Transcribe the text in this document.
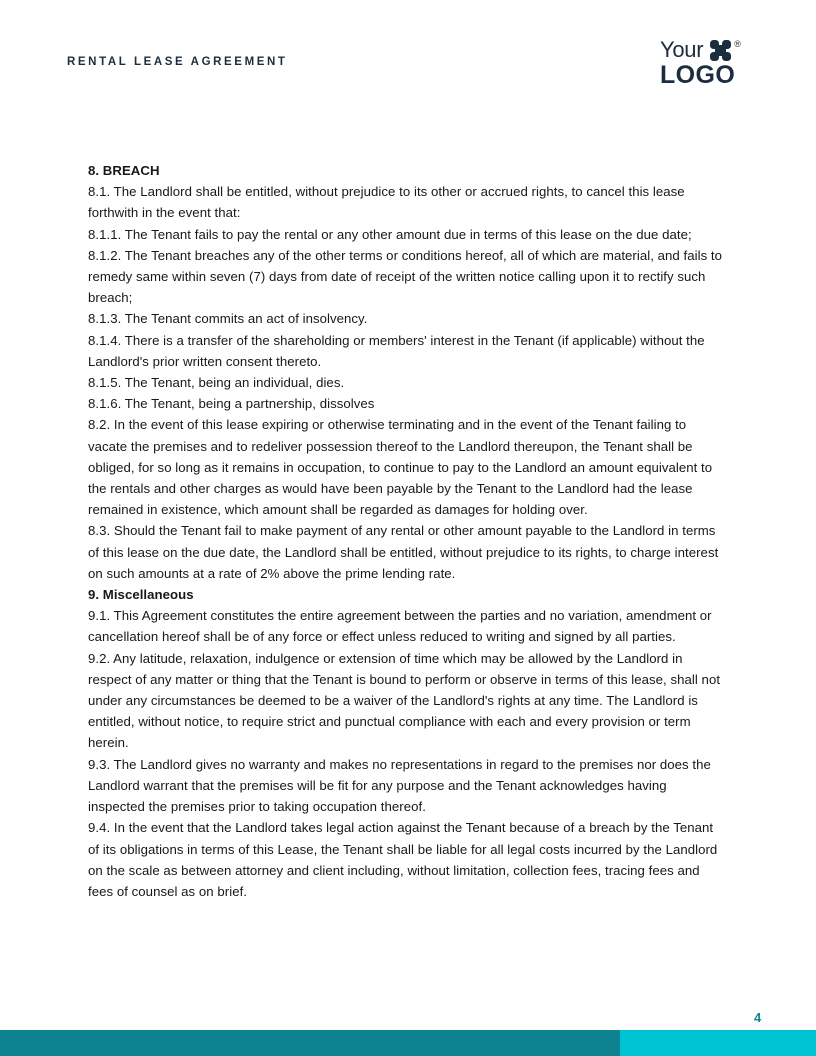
RENTAL LEASE AGREEMENT	Your	®
LOGO

8. BREACH

8.1. The Landlord shall be entitled, without prejudice to its other or accrued rights, to cancel this lease forthwith in the event that:

8.1.1. The Tenant fails to pay the rental or any other amount due in terms of this lease on the due date;

8.1.2. The Tenant breaches any of the other terms or conditions hereof, all of which are material, and fails to remedy same within seven (7) days from date of receipt of the written notice calling upon it to rectify such breach;

8.1.3. The Tenant commits an act of insolvency.

8.1.4. There is a transfer of the shareholding or members' interest in the Tenant (if applicable) without the Landlord's prior written consent thereto.

8.1.5. The Tenant, being an individual, dies.

8.1.6. The Tenant, being a partnership, dissolves

8.2. In the event of this lease expiring or otherwise terminating and in the event of the Tenant failing to vacate the premises and to redeliver possession thereof to the Landlord thereupon, the Tenant shall be obliged, for so long as it remains in occupation, to continue to pay to the Landlord an amount equivalent to the rentals and other charges as would have been payable by the Tenant to the Landlord had the lease remained in existence, which amount shall be regarded as damages for holding over.

8.3. Should the Tenant fail to make payment of any rental or other amount payable to the Landlord in terms of this lease on the due date, the Landlord shall be entitled, without prejudice to its rights, to charge interest on such amounts at a rate of 2% above the prime lending rate.

9. Miscellaneous

9.1. This Agreement constitutes the entire agreement between the parties and no variation, amendment or cancellation hereof shall be of any force or effect unless reduced to writing and signed by all parties.

9.2. Any latitude, relaxation, indulgence or extension of time which may be allowed by the Landlord in respect of any matter or thing that the Tenant is bound to perform or observe in terms of this lease, shall not under any circumstances be deemed to be a waiver of the Landlord's rights at any time. The Landlord is entitled, without notice, to require strict and punctual compliance with each and every provision or term herein.

9.3. The Landlord gives no warranty and makes no representations in regard to the premises nor does the Landlord warrant that the premises will be fit for any purpose and the Tenant acknowledges having inspected the premises prior to taking occupation thereof.

9.4. In the event that the Landlord takes legal action against the Tenant because of a breach by the Tenant of its obligations in terms of this Lease, the Tenant shall be liable for all legal costs incurred by the Landlord on the scale as between attorney and client including, without limitation, collection fees, tracing fees and fees of counsel as on brief.

4
